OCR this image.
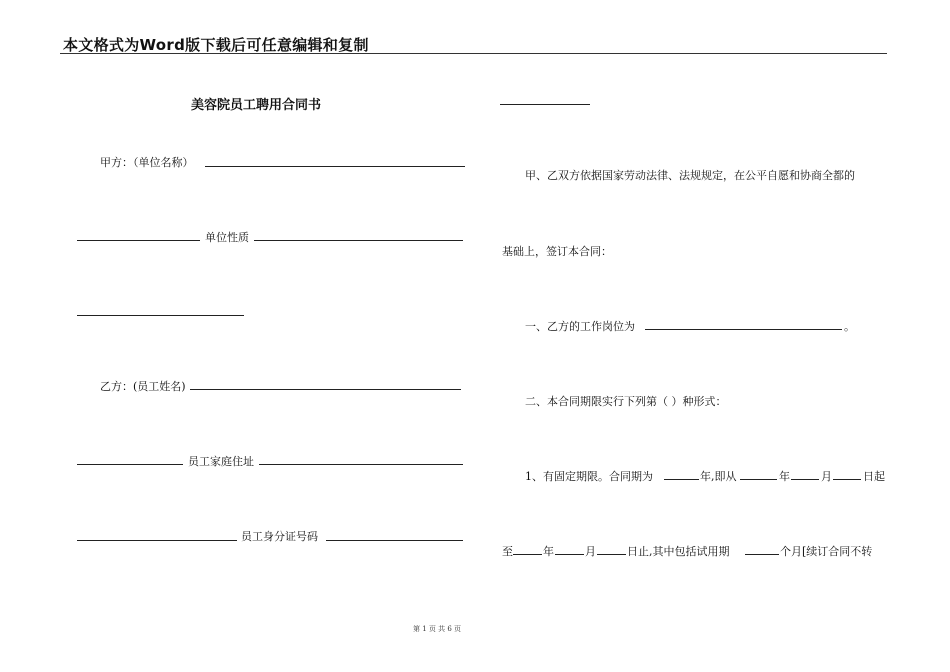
本文格式为Word版下载后可任意编辑和复制
美容院员工聘用合同书
甲方：（单位名称）
单位性质
乙方：(员工姓名)
员工家庭住址
员工身分证号码
甲、乙双方依据国家劳动法律、法规规定，在公平自愿和协商全都的
基础上，签订本合同：
一、乙方的工作岗位为	。
二、本合同期限实行下列第（ ）种形式：
1、有固定期限。合同期为	年,即从	年	月	日起
至	年	月	日止,其中包括试用期	个月[续订合同不转
第 1 页 共 6 页
